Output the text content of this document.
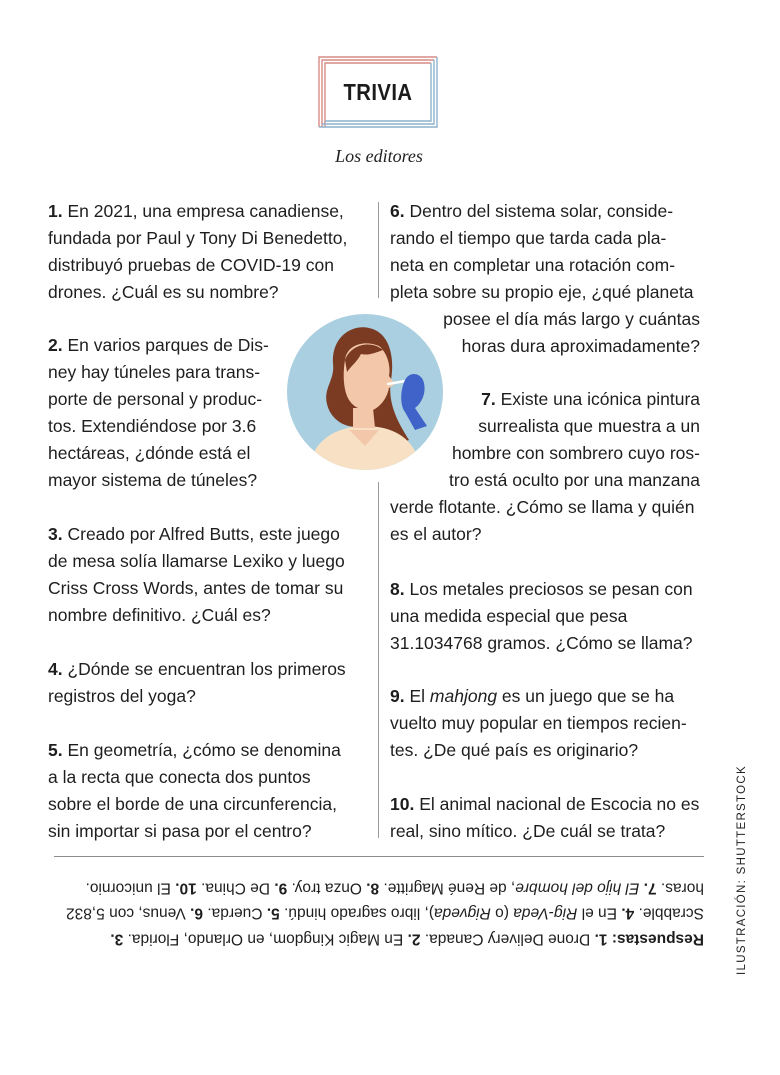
TRIVIA
Los editores

1. En 2021, una empresa canadiense,
fundada por Paul y Tony Di Benedetto,
distribuyó pruebas de COVID-19 con
drones. ¿Cuál es su nombre?

2. En varios parques de Dis-
ney hay túneles para trans-
porte de personal y produc-
tos. Extendiéndose por 3.6
hectáreas, ¿dónde está el
mayor sistema de túneles?

3. Creado por Alfred Butts, este juego
de mesa solía llamarse Lexiko y luego
Criss Cross Words, antes de tomar su
nombre definitivo. ¿Cuál es?

4. ¿Dónde se encuentran los primeros
registros del yoga?

5. En geometría, ¿cómo se denomina
a la recta que conecta dos puntos
sobre el borde de una circunferencia,
sin importar si pasa por el centro?

6. Dentro del sistema solar, conside-
rando el tiempo que tarda cada pla-
neta en completar una rotación com-
pleta sobre su propio eje, ¿qué planeta
posee el día más largo y cuántas
horas dura aproximadamente?

7. Existe una icónica pintura
surrealista que muestra a un
hombre con sombrero cuyo ros-
tro está oculto por una manzana
verde flotante. ¿Cómo se llama y quién
es el autor?

8. Los metales preciosos se pesan con
una medida especial que pesa
31.1034768 gramos. ¿Cómo se llama?

9. El mahjong es un juego que se ha
vuelto muy popular en tiempos recien-
tes. ¿De qué país es originario?

10. El animal nacional de Escocia no es
real, sino mítico. ¿De cuál se trata?

Respuestas: 1. Drone Delivery Canada. 2. En Magic Kingdom, en Orlando, Florida. 3. Scrabble. 4. En el Rig-Veda (o Rigveda), libro sagrado hindú. 5. Cuerda. 6. Venus, con 5,832 horas. 7. El hijo del hombre, de René Magritte. 8. Onza troy. 9. De China. 10. El unicornio.	ILUSTRACIÓN: SHUTTERSTOCK
